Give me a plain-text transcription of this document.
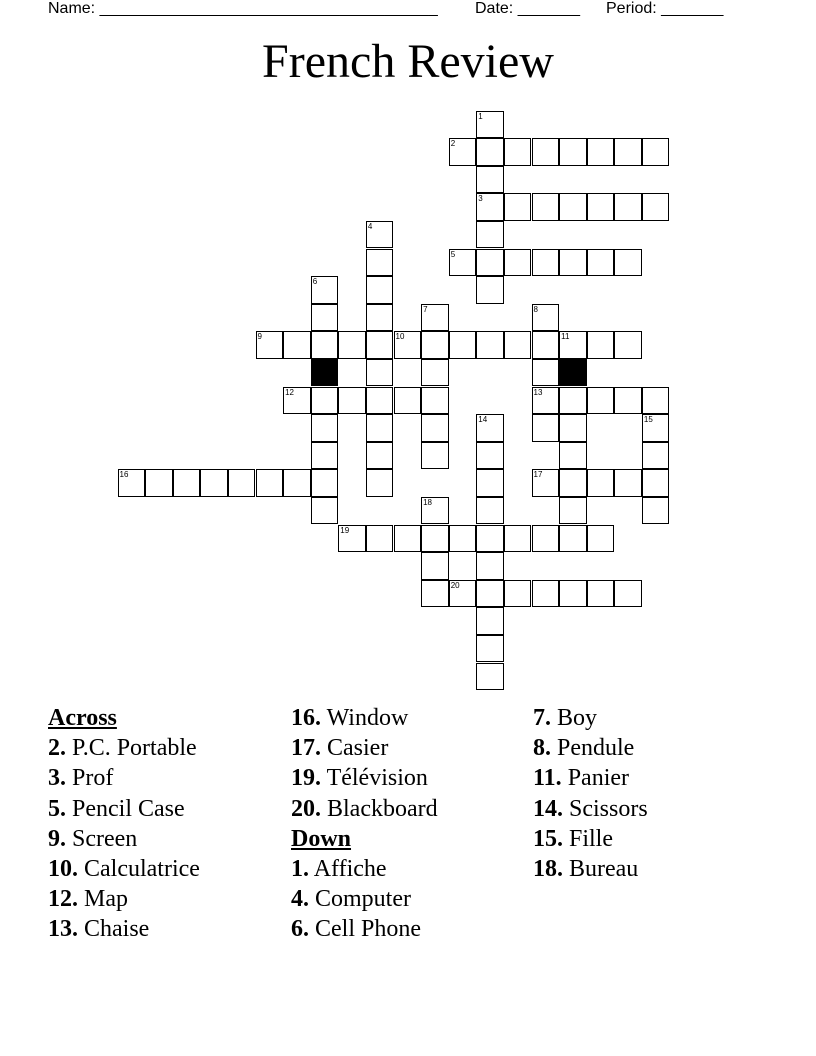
Name: ______________________________________ Date: _______ Period: _______
French Review
1
3
2
4
5
6
7	8
13
9	10	11
12
14	15
16	17
18
19
20
Across
2. P.C. Portable
3. Prof
5. Pencil Case
9. Screen
10. Calculatrice
12. Map
13. Chaise
16. Window
17. Casier
19. Télévision
20. Blackboard
Down
1. Affiche
4. Computer
6. Cell Phone
7. Boy
8. Pendule
11. Panier
14. Scissors
15. Fille
18. Bureau
